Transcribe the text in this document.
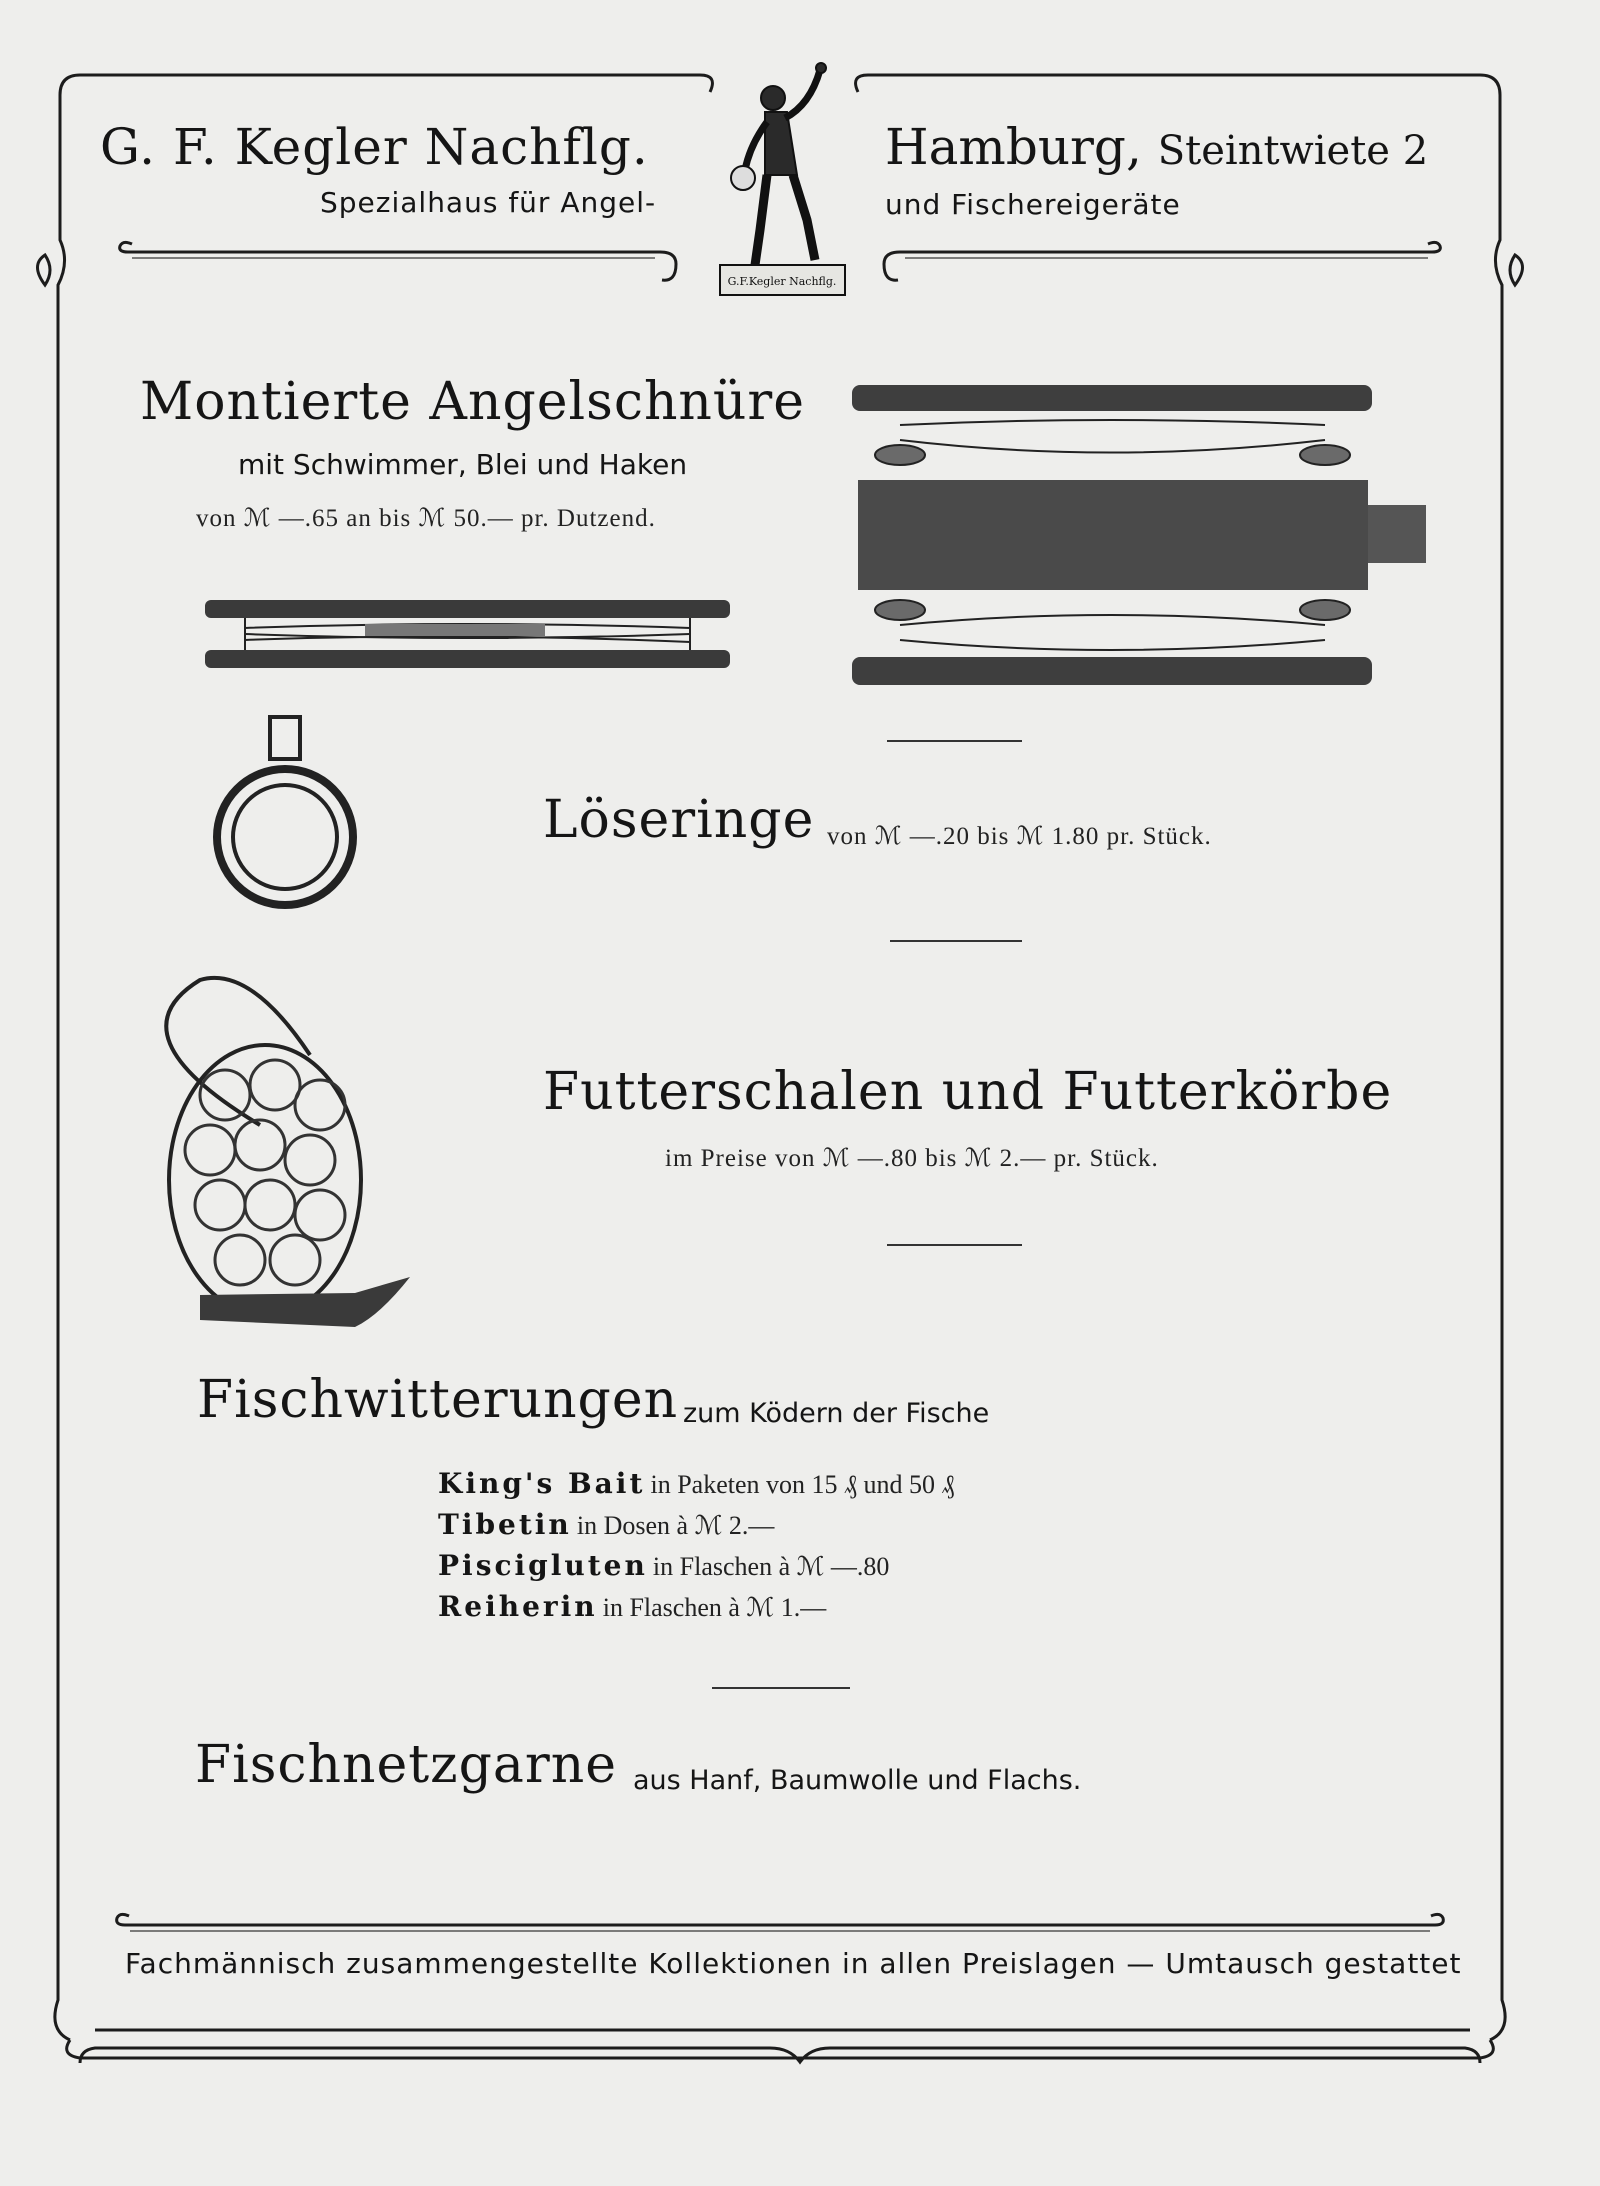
G.F.Kegler Nachflg.
G. F. Kegler Nachflg.
Spezialhaus für Angel-
Hamburg, Steintwiete 2
und Fischereigeräte
Montierte Angelschnüre
mit Schwimmer, Blei und Haken
von ℳ —.65 an bis ℳ 50.— pr. Dutzend.
Löseringe von ℳ —.20 bis ℳ 1.80 pr. Stück.
Futterschalen und Futterkörbe
im Preise von ℳ —.80 bis ℳ 2.— pr. Stück.
Fischwitterungen zum Ködern der Fische
King's Bait in Paketen von 15 ₰ und 50 ₰
Tibetin in Dosen à ℳ 2.—
Piscigluten in Flaschen à ℳ —.80
Reiherin in Flaschen à ℳ 1.—
Fischnetzgarne aus Hanf, Baumwolle und Flachs.
Fachmännisch zusammengestellte Kollektionen in allen Preislagen — Umtausch gestattet
